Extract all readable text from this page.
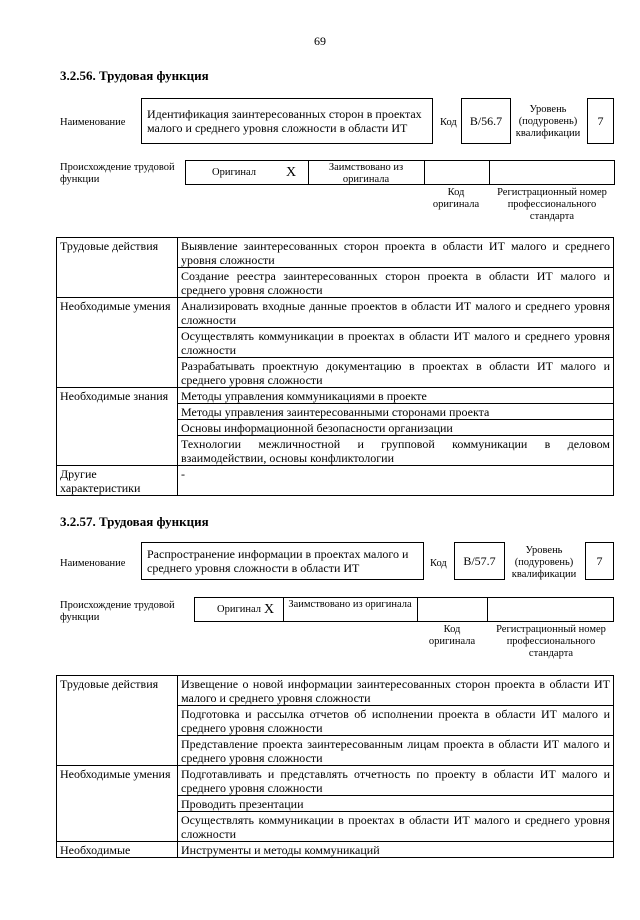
69
3.2.56. Трудовая функция
Наименование
Идентификация заинтересованных сторон в проектах малого и среднего уровня сложности в области ИТ	Код	B/56.7
Уровень (подуровень) квалификации
7
Происхождение трудовой функции
Оригинал X	Заимствовано из оригинала
Код оригинала
Регистрационный номер профессионального стандарта
Трудовые действия	Выявление заинтересованных сторон проекта в области ИТ малого и среднего уровня сложности
	Создание реестра заинтересованных сторон проекта в области ИТ малого и среднего уровня сложности
Необходимые умения	Анализировать входные данные проектов в области ИТ малого и среднего уровня сложности
	Осуществлять коммуникации в проектах в области ИТ малого и среднего уровня сложности
	Разрабатывать проектную документацию в проектах в области ИТ малого и среднего уровня сложности
Необходимые знания	Методы управления коммуникациями в проекте
	Методы управления заинтересованными сторонами проекта
	Основы информационной безопасности организации
	Технологии межличностной и групповой коммуникации в деловом взаимодействии, основы конфликтологии
Другие характеристики	-
3.2.57. Трудовая функция
Наименование
Распространение информации в проектах малого и среднего уровня сложности в области ИТ	Код	B/57.7
Уровень (подуровень) квалификации
7
Происхождение трудовой функции
Оригинал X	Заимствовано из оригинала
Код оригинала
Регистрационный номер профессионального стандарта
Трудовые действия	Извещение о новой информации заинтересованных сторон проекта в области ИТ малого и среднего уровня сложности
	Подготовка и рассылка отчетов об исполнении проекта в области ИТ малого и среднего уровня сложности
	Представление проекта заинтересованным лицам проекта в области ИТ малого и среднего уровня сложности
Необходимые умения	Подготавливать и представлять отчетность по проекту в области ИТ малого и среднего уровня сложности
	Проводить презентации
	Осуществлять коммуникации в проектах в области ИТ малого и среднего уровня сложности
Необходимые	Инструменты и методы коммуникаций
